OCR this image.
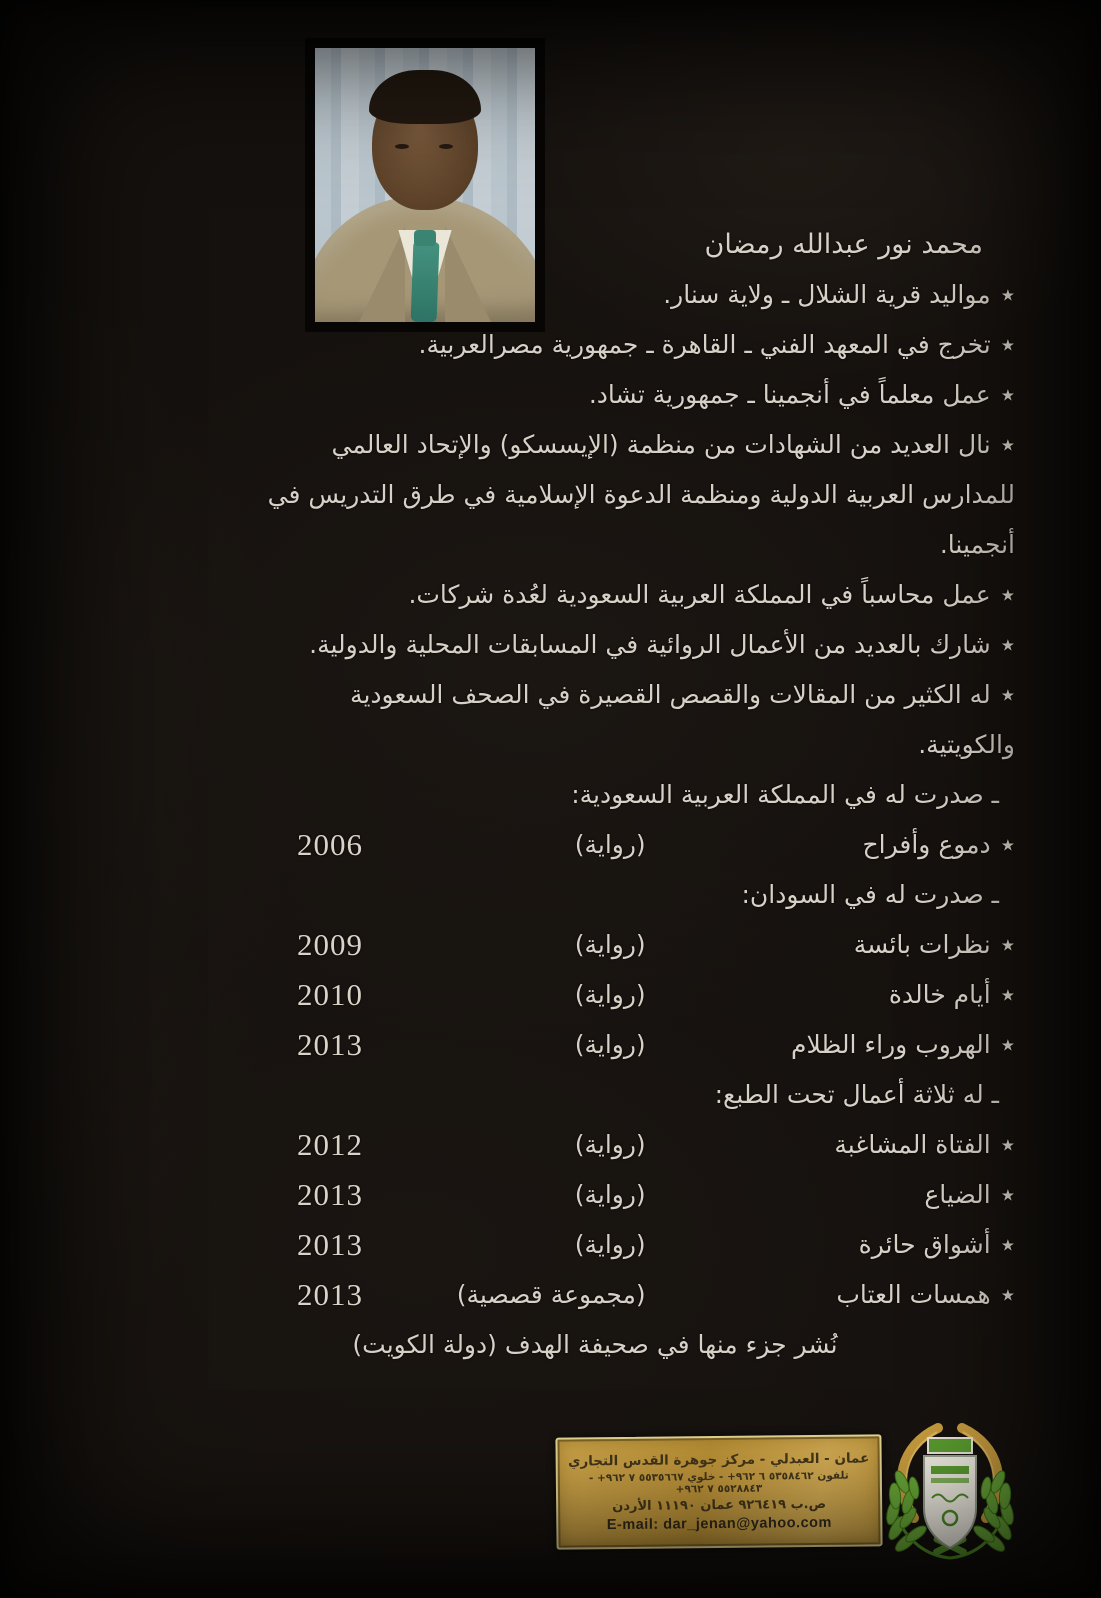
محمد نور عبدالله رمضان
٭مواليد قرية الشلال ـ ولاية سنار.
٭تخرج في المعهد الفني ـ القاهرة ـ جمهورية مصرالعربية.
٭عمل معلماً في أنجمينا ـ جمهورية تشاد.
٭نال العديد من الشهادات من منظمة (الإيسسكو) والإتحاد العالمي
للمدارس العربية الدولية ومنظمة الدعوة الإسلامية في طرق التدريس في
أنجمينا.
٭عمل محاسباً في المملكة العربية السعودية لعُدة شركات.
٭شارك بالعديد من الأعمال الروائية في المسابقات المحلية والدولية.
٭له الكثير من المقالات والقصص القصيرة في الصحف السعودية
والكويتية.
ـ صدرت له في المملكة العربية السعودية:
٭دموع وأفراح(رواية)
2006
ـ صدرت له في السودان:
٭نظرات بائسة(رواية)
2009
٭أيام خالدة(رواية)
2010
٭الهروب وراء الظلام(رواية)
2013
ـ له ثلاثة أعمال تحت الطبع:
٭الفتاة المشاغبة(رواية)
2012
٭الضياع(رواية)
2013
٭أشواق حائرة(رواية)
2013
٭همسات العتاب(مجموعة قصصية)
2013
نُشر جزء منها في صحيفة الهدف (دولة الكويت)
عمان - العبدلي - مركز جوهرة القدس التجاري
تلفون ٥٣٥٨٤٦٢ ٦ ٩٦٢+ - خلوي ٥٥٣٥٦٦٧ ٧ ٩٦٢+ - ٥٥٢٨٨٤٣ ٧ ٩٦٢+
ص.ب ٩٢٦٤١٩ عمان ١١١٩٠ الأردن
E-mail: dar_jenan@yahoo.com
